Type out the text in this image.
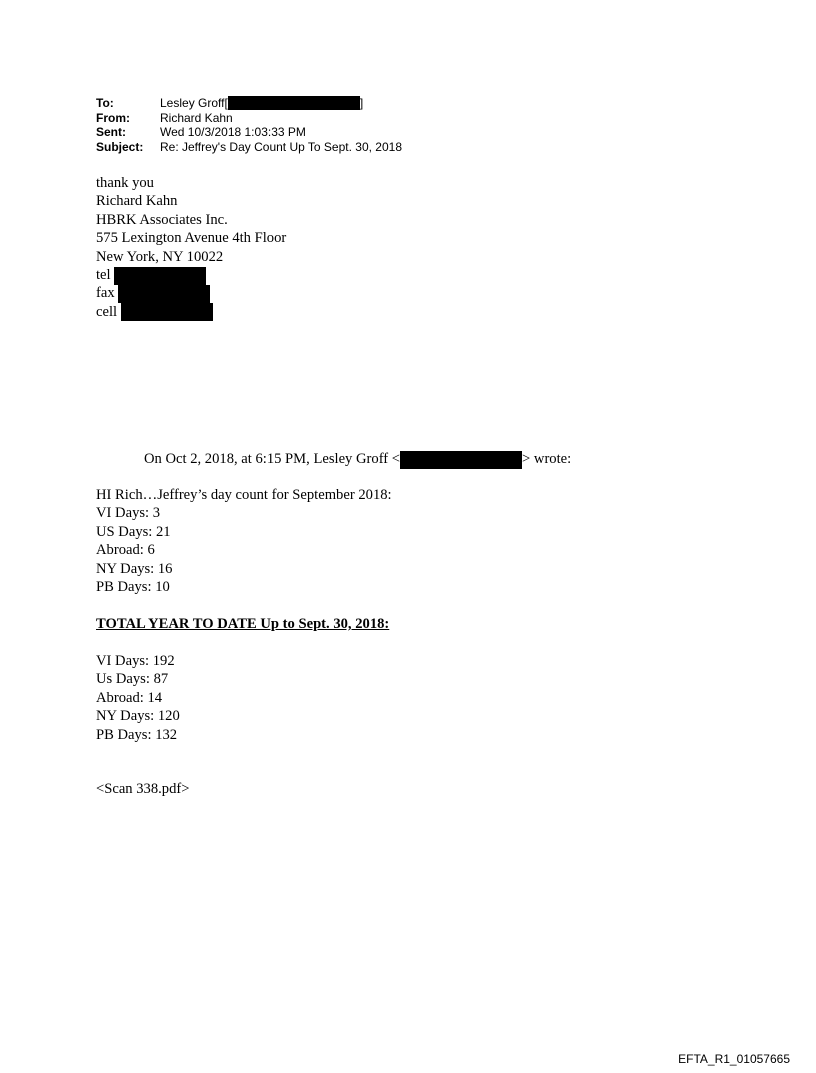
To:	Lesley Groff[	]
From:	Richard Kahn
Sent:	Wed 10/3/2018 1:03:33 PM
Subject:	Re: Jeffrey's Day Count Up To Sept. 30, 2018
thank you
Richard Kahn
HBRK Associates Inc.
575 Lexington Avenue 4th Floor
New York, NY 10022
tel
fax
cell
On Oct 2, 2018, at 6:15 PM, Lesley Groff <	> wrote:
HI Rich…Jeffrey’s day count for September 2018:
VI Days: 3
US Days: 21
Abroad: 6
NY Days: 16
PB Days: 10
TOTAL YEAR TO DATE Up to Sept. 30, 2018:
VI Days: 192
Us Days: 87
Abroad: 14
NY Days: 120
PB Days: 132
<Scan 338.pdf>
EFTA_R1_01057665
